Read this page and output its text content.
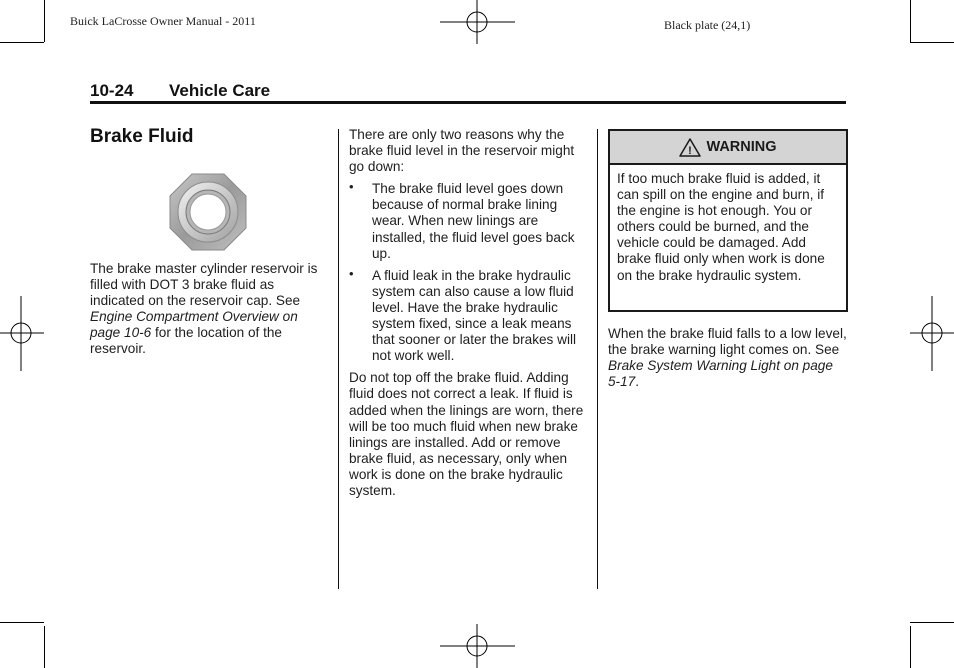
Buick LaCrosse Owner Manual - 2011	Black plate (24,1)
10-24 Vehicle Care
Brake Fluid
The brake master cylinder reservoir is filled with DOT 3 brake fluid as indicated on the reservoir cap. See Engine Compartment Overview on page 10-6 for the location of the reservoir.

There are only two reasons why the brake fluid level in the reservoir might go down:

• The brake fluid level goes down because of normal brake lining wear. When new linings are installed, the fluid level goes back up.
• A fluid leak in the brake hydraulic system can also cause a low fluid level. Have the brake hydraulic system fixed, since a leak means that sooner or later the brakes will not work well.

Do not top off the brake fluid. Adding fluid does not correct a leak. If fluid is added when the linings are worn, there will be too much fluid when new brake linings are installed. Add or remove brake fluid, as necessary, only when work is done on the brake hydraulic system.

! WARNING
If too much brake fluid is added, it can spill on the engine and burn, if the engine is hot enough. You or others could be burned, and the vehicle could be damaged. Add brake fluid only when work is done on the brake hydraulic system.
When the brake fluid falls to a low level, the brake warning light comes on. See Brake System Warning Light on page 5-17.
